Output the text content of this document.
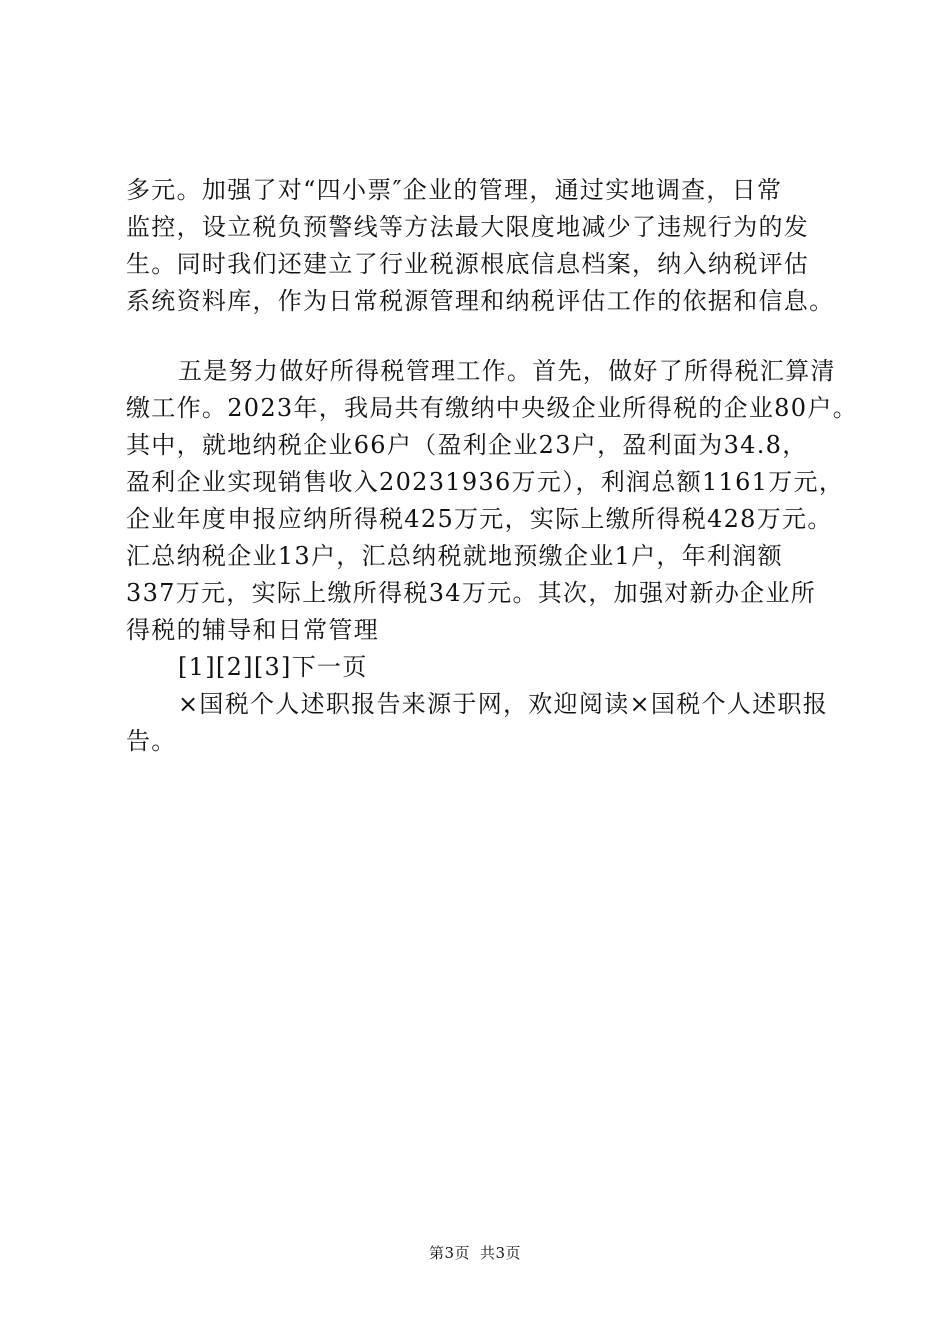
多元。加强了对“四小票″企业的管理，通过实地调查，日常
监控，设立税负预警线等方法最大限度地减少了违规行为的发
生。同时我们还建立了行业税源根底信息档案，纳入纳税评估
系统资料库，作为日常税源管理和纳税评估工作的依据和信息。
五是努力做好所得税管理工作。首先，做好了所得税汇算清
缴工作。2023年，我局共有缴纳中央级企业所得税的企业80户。
其中，就地纳税企业66户（盈利企业23户，盈利面为34.8，
盈利企业实现销售收入20231936万元），利润总额1161万元，
企业年度申报应纳所得税425万元，实际上缴所得税428万元。
汇总纳税企业13户，汇总纳税就地预缴企业1户，年利润额
337万元，实际上缴所得税34万元。其次，加强对新办企业所
得税的辅导和日常管理
[1][2][3]下一页
×国税个人述职报告来源于网，欢迎阅读×国税个人述职报
告。
第3页 共3页
